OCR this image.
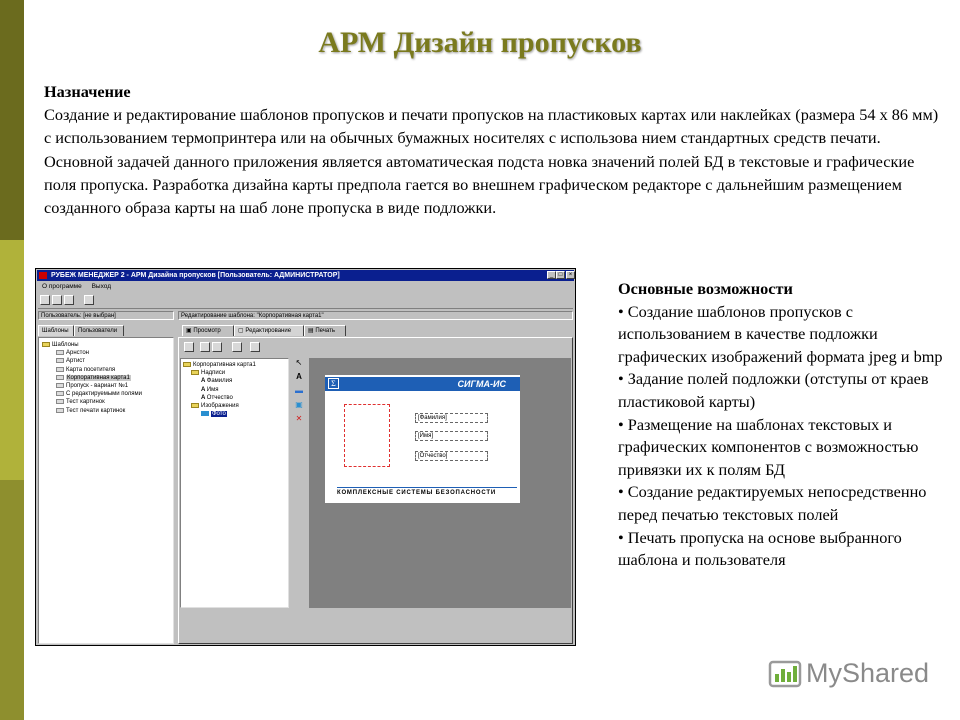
АРМ Дизайн пропусков
Назначение
Создание и редактирование шаблонов пропусков и печати пропусков на пластиковых картах или наклейках (размера 54 х 86 мм) с использованием термопринтера или на обычных бумажных носителях с использова нием стандартных средств печати. Основной задачей данного приложения является автоматическая подста новка значений полей БД в текстовые и графические поля пропуска. Разработка дизайна карты предпола гается во внешнем графическом редакторе с дальнейшим размещением созданного образа карты на шаб лоне пропуска в виде подложки.
РУБЕЖ МЕНЕДЖЕР 2 - АРМ Дизайна пропусков [Пользователь: АДМИНИСТРАТОР]	_ □	×
О программе Выход
Пользователь: [не выбран]	Редактирование шаблона: "Корпоративная карта1"
Шаблоны	Пользователи
Шаблоны
Арнстон
Артист
Карта посетителя
Корпоративная карта1
Пропуск - вариант №1
С редактируемыми полями
Тест картинок
Тест печати картинок
▣ Просмотр	▢ Редактирование	▤ Печать
Корпоративная карта1
Надписи
A Фамилия
A Имя
A Отчество
Изображения
Фото
↖
A
▬
▣
✕
Σ	СИГМА-ИС
[Фамилия]
[Имя]
[Отчество]
КОМПЛЕКСНЫЕ СИСТЕМЫ БЕЗОПАСНОСТИ
Основные возможности
• Создание шаблонов пропусков с использованием в качестве подложки графических изображений формата jpeg и bmp
• Задание полей подложки (отступы от краев
пластиковой карты)
• Размещение на шаблонах текстовых и графических компонентов с возможностью привязки их к полям БД
• Создание редактируемых непосредственно перед печатью текстовых полей
• Печать пропуска на основе выбранного шаблона и пользователя
MyShared
